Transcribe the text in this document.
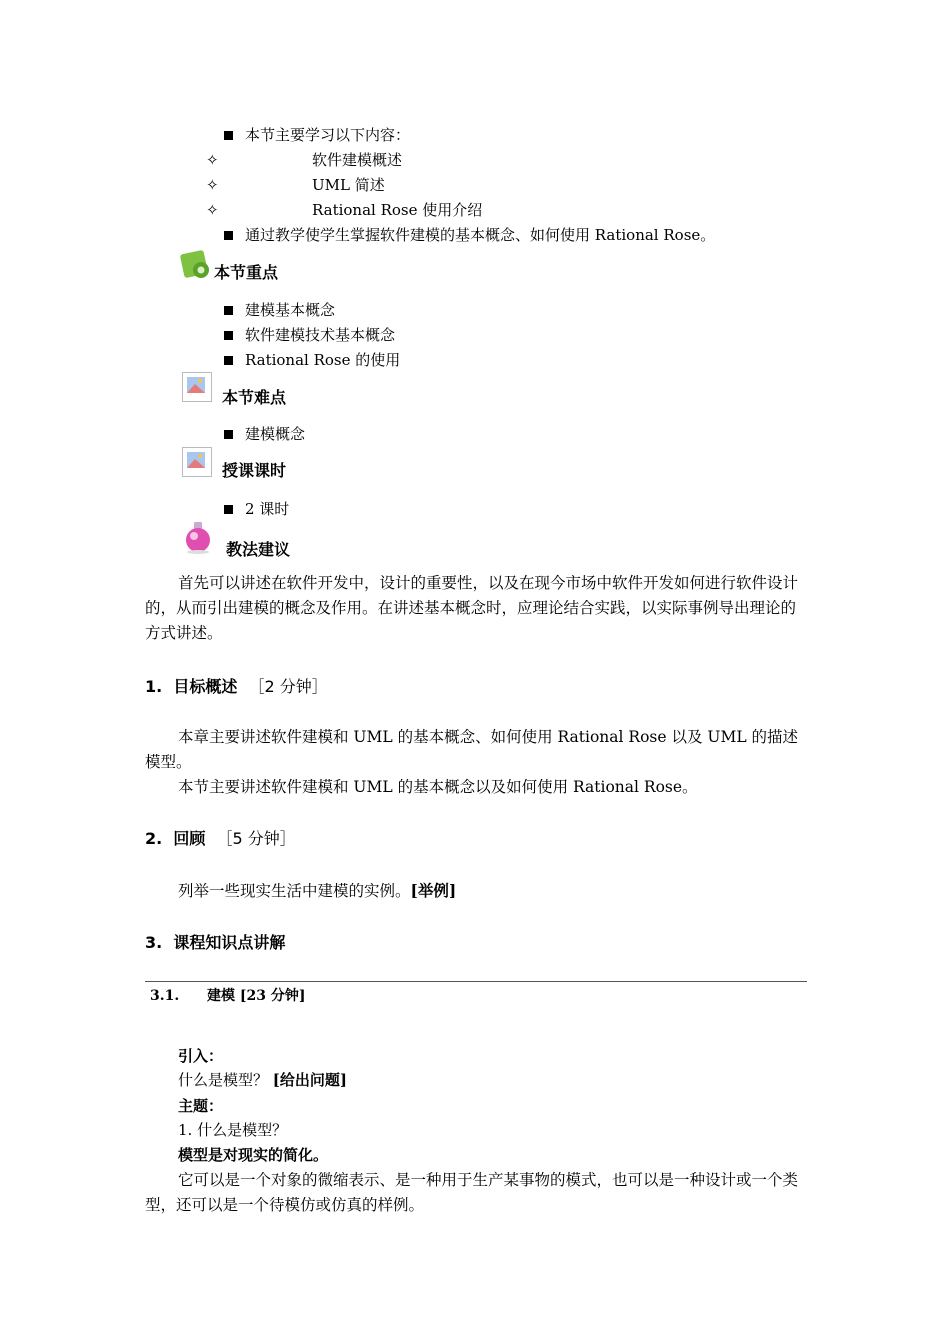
本节主要学习以下内容：
✧	软件建模概述
✧	UML 简述
✧	Rational Rose 使用介绍
通过教学使学生掌握软件建模的基本概念、如何使用 Rational Rose。
本节重点
建模基本概念
软件建模技术基本概念
Rational Rose 的使用
本节难点
建模概念
授课课时
2 课时
教法建议
首先可以讲述在软件开发中，设计的重要性，以及在现今市场中软件开发如何进行软件设计的，从而引出建模的概念及作用。在讲述基本概念时，应理论结合实践，以实际事例导出理论的方式讲述。
1. 目标概述 ［2 分钟］
本章主要讲述软件建模和 UML 的基本概念、如何使用 Rational Rose 以及 UML 的描述模型。
本节主要讲述软件建模和 UML 的基本概念以及如何使用 Rational Rose。
2. 回顾 ［5 分钟］
列举一些现实生活中建模的实例。[举例]
3. 课程知识点讲解
3.1. 建模 [23 分钟]
引入：
什么是模型？ [给出问题]
主题：
1. 什么是模型？
模型是对现实的简化。
它可以是一个对象的微缩表示、是一种用于生产某事物的模式，也可以是一种设计或一个类型，还可以是一个待模仿或仿真的样例。
